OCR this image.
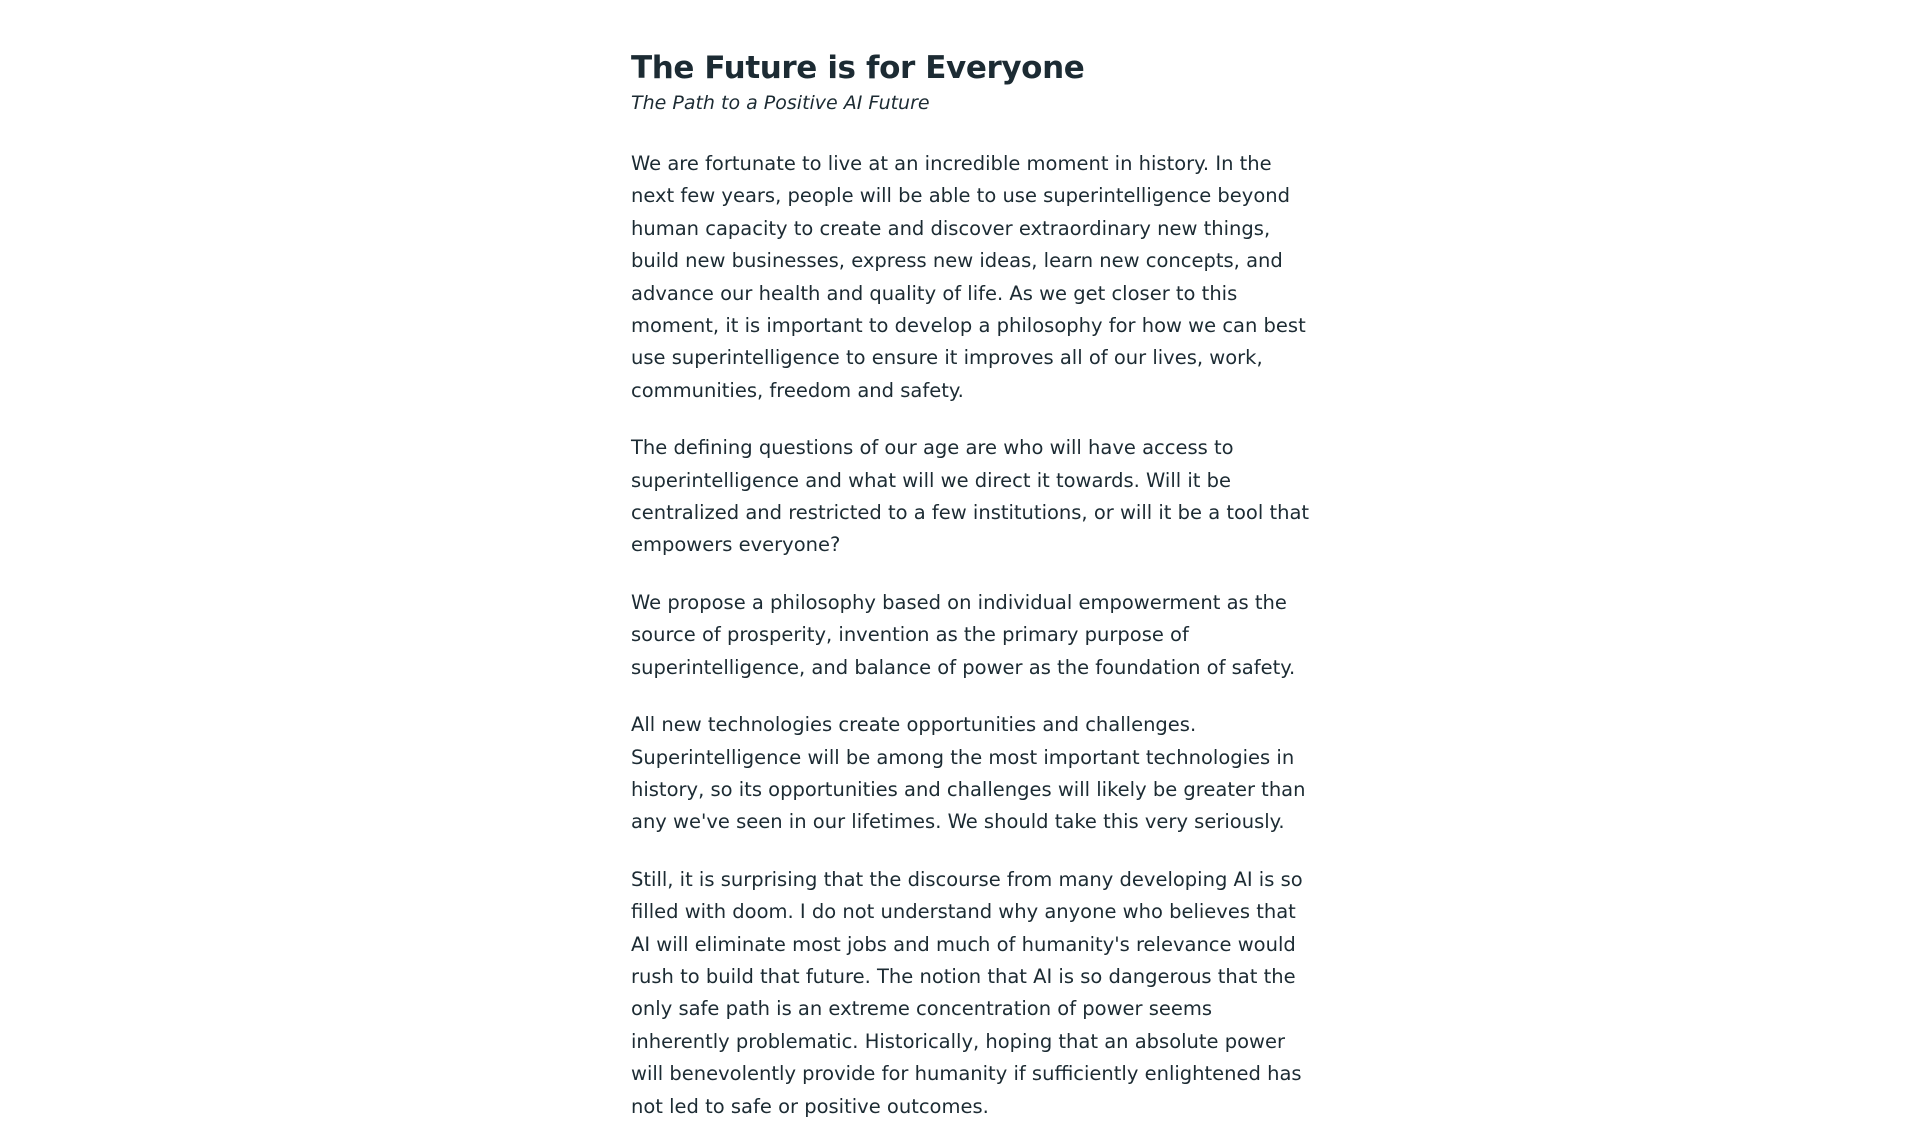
The Future is for Everyone
The Path to a Positive AI Future

We are fortunate to live at an incredible moment in history. In the next few years, people will be able to use superintelligence beyond human capacity to create and discover extraordinary new things, build new businesses, express new ideas, learn new concepts, and advance our health and quality of life. As we get closer to this moment, it is important to develop a philosophy for how we can best use superintelligence to ensure it improves all of our lives, work, communities, freedom and safety.

The defining questions of our age are who will have access to superintelligence and what will we direct it towards. Will it be centralized and restricted to a few institutions, or will it be a tool that empowers everyone?

We propose a philosophy based on individual empowerment as the source of prosperity, invention as the primary purpose of superintelligence, and balance of power as the foundation of safety.

All new technologies create opportunities and challenges. Superintelligence will be among the most important technologies in history, so its opportunities and challenges will likely be greater than any we've seen in our lifetimes. We should take this very seriously.

Still, it is surprising that the discourse from many developing AI is so filled with doom. I do not understand why anyone who believes that AI will eliminate most jobs and much of humanity's relevance would rush to build that future. The notion that AI is so dangerous that the only safe path is an extreme concentration of power seems inherently problematic. Historically, hoping that an absolute power will benevolently provide for humanity if sufficiently enlightened has not led to safe or positive outcomes.
